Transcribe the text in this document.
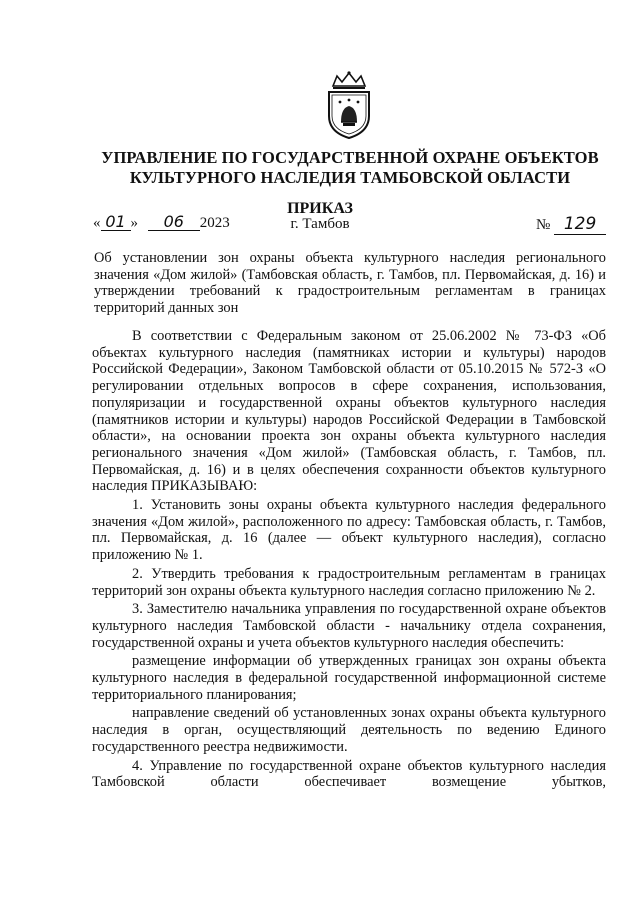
УПРАВЛЕНИЕ ПО ГОСУДАРСТВЕННОЙ ОХРАНЕ ОБЪЕКТОВ
КУЛЬТУРНОГО НАСЛЕДИЯ ТАМБОВСКОЙ ОБЛАСТИ
ПРИКАЗ
« 01 » 06 2023	г. Тамбов	№ 129
Об установлении зон охраны объекта культурного наследия регионального значения «Дом жилой» (Тамбовская область, г. Тамбов, пл. Первомайская, д. 16) и утверждении требований к градостроительным регламентам в границах территорий данных зон

В соответствии с Федеральным законом от 25.06.2002 № 73-ФЗ «Об объектах культурного наследия (памятниках истории и культуры) народов Российской Федерации», Законом Тамбовской области от 05.10.2015 № 572-З «О регулировании отдельных вопросов в сфере сохранения, использования, популяризации и государственной охраны объектов культурного наследия (памятников истории и культуры) народов Российской Федерации в Тамбовской области», на основании проекта зон охраны объекта культурного наследия регионального значения «Дом жилой» (Тамбовская область, г. Тамбов, пл. Первомайская, д. 16) и в целях обеспечения сохранности объектов культурного наследия ПРИКАЗЫВАЮ:

1. Установить зоны охраны объекта культурного наследия федерального значения «Дом жилой», расположенного по адресу: Тамбовская область, г. Тамбов, пл. Первомайская, д. 16 (далее — объект культурного наследия), согласно приложению № 1.

2. Утвердить требования к градостроительным регламентам в границах территорий зон охраны объекта культурного наследия согласно приложению № 2.

3. Заместителю начальника управления по государственной охране объектов культурного наследия Тамбовской области - начальнику отдела сохранения, государственной охраны и учета объектов культурного наследия обеспечить:

размещение информации об утвержденных границах зон охраны объекта культурного наследия в федеральной государственной информационной системе территориального планирования;

направление сведений об установленных зонах охраны объекта культурного наследия в орган, осуществляющий деятельность по ведению Единого государственного реестра недвижимости.

4. Управление по государственной охране объектов культурного наследия Тамбовской области обеспечивает возмещение убытков,
